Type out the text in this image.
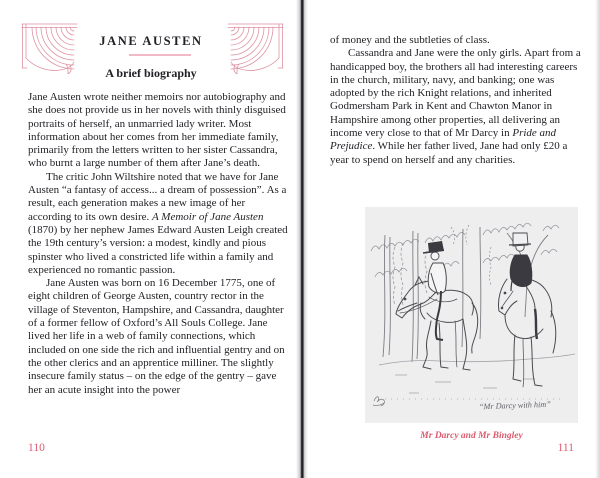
JANE AUSTEN
A brief biography

Jane Austen wrote neither memoirs nor autobiography and she does not provide us in her novels with thinly disguised portraits of herself, an unmarried lady writer. Most information about her comes from her immediate family, primarily from the letters written to her sister Cassandra, who burnt a large number of them after Jane’s death.

The critic John Wiltshire noted that we have for Jane Austen “a fantasy of access... a dream of possession”. As a result, each generation makes a new image of her according to its own desire. A Memoir of Jane Austen (1870) by her nephew James Edward Austen Leigh created the 19th century’s version: a modest, kindly and pious spinster who lived a constricted life within a family and experienced no romantic passion.

Jane Austen was born on 16 December 1775, one of eight children of George Austen, country rector in the village of Steventon, Hampshire, and Cassandra, daughter of a former fellow of Oxford’s All Souls College. Jane lived her life in a web of family connections, which included on one side the rich and influential gentry and on the other clerics and an apprentice milliner. The slightly insecure family status – on the edge of the gentry – gave her an acute insight into the power

110

of money and the subtleties of class.

Cassandra and Jane were the only girls. Apart from a handicapped boy, the brothers all had interesting careers in the church, military, navy, and banking; one was adopted by the rich Knight relations, and inherited Godmersham Park in Kent and Chawton Manor in Hampshire among other properties, all delivering an income very close to that of Mr Darcy in Pride and Prejudice. While her father lived, Jane had only £20 a year to spend on herself and any charities.

“Mr Darcy with him”
Mr Darcy and Mr Bingley
111
